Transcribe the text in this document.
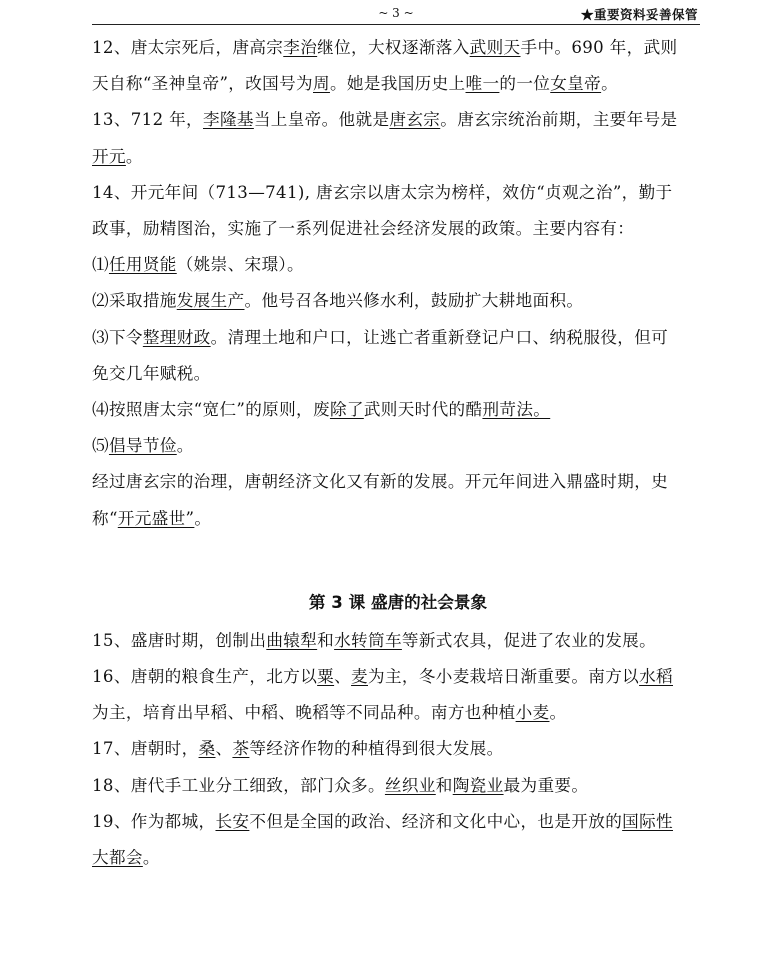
~ 3 ~	★重要资料妥善保管

12、唐太宗死后，唐高宗李治继位，大权逐渐落入武则天手中。690 年，武则

天自称“圣神皇帝”，改国号为周。她是我国历史上唯一的一位女皇帝。

13、712 年，李隆基当上皇帝。他就是唐玄宗。唐玄宗统治前期，主要年号是

开元。

14、开元年间（713—741), 唐玄宗以唐太宗为榜样，效仿“贞观之治”，勤于

政事，励精图治，实施了一系列促进社会经济发展的政策。主要内容有：

⑴任用贤能（姚崇、宋璟）。

⑵采取措施发展生产。他号召各地兴修水利，鼓励扩大耕地面积。

⑶下令整理财政。清理土地和户口，让逃亡者重新登记户口、纳税服役，但可

免交几年赋税。

⑷按照唐太宗“宽仁”的原则，废除了武则天时代的酷刑苛法。

⑸倡导节俭。

经过唐玄宗的治理，唐朝经济文化又有新的发展。开元年间进入鼎盛时期，史

称“开元盛世”。

第 3 课 盛唐的社会景象

15、盛唐时期，创制出曲辕犁和水转筒车等新式农具，促进了农业的发展。

16、唐朝的粮食生产，北方以粟、麦为主，冬小麦栽培日渐重要。南方以水稻

为主，培育出早稻、中稻、晚稻等不同品种。南方也种植小麦。

17、唐朝时，桑、茶等经济作物的种植得到很大发展。

18、唐代手工业分工细致，部门众多。丝织业和陶瓷业最为重要。

19、作为都城，长安不但是全国的政治、经济和文化中心，也是开放的国际性

大都会。
